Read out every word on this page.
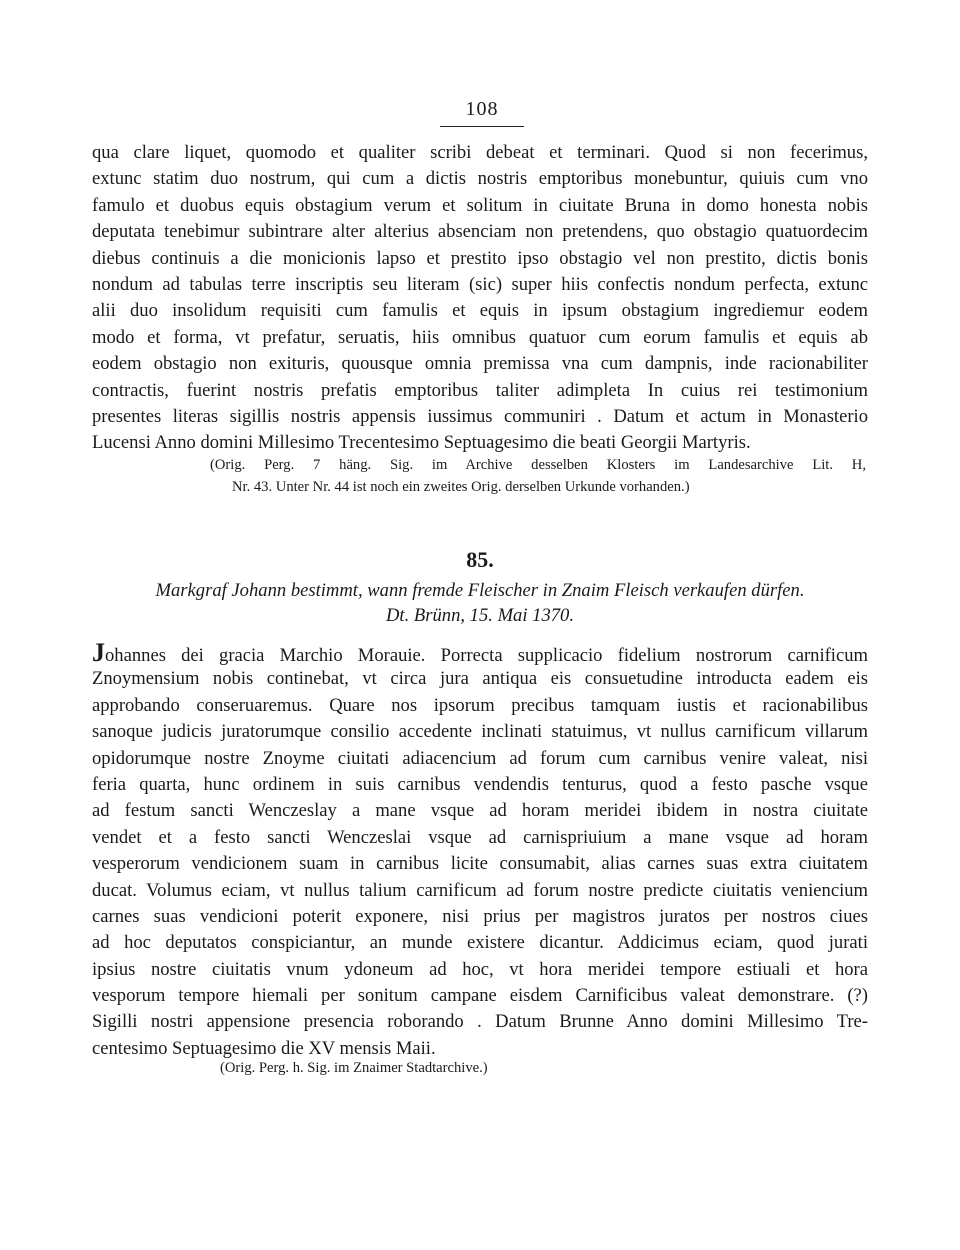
108
qua clare liquet, quomodo et qualiter scribi debeat et terminari. Quod si non fecerimus,
extunc statim duo nostrum, qui cum a dictis nostris emptoribus monebuntur, quiuis cum vno
famulo et duobus equis obstagium verum et solitum in ciuitate Bruna in domo honesta nobis
deputata tenebimur subintrare alter alterius absenciam non pretendens, quo obstagio quatuordecim
diebus continuis a die monicionis lapso et prestito ipso obstagio vel non prestito, dictis bonis
nondum ad tabulas terre inscriptis seu literam (sic) super hiis confectis nondum perfecta, extunc
alii duo insolidum requisiti cum famulis et equis in ipsum obstagium ingrediemur eodem
modo et forma, vt prefatur, seruatis, hiis omnibus quatuor cum eorum famulis et equis ab
eodem obstagio non exituris, quousque omnia premissa vna cum dampnis, inde racionabiliter
contractis, fuerint nostris prefatis emptoribus taliter adimpleta In cuius rei testimonium
presentes literas sigillis nostris appensis iussimus communiri . Datum et actum in Monasterio
Lucensi Anno domini Millesimo Trecentesimo Septuagesimo die beati Georgii Martyris.
(Orig. Perg. 7 häng. Sig. im Archive desselben Klosters im Landesarchive Lit. H,
Nr. 43. Unter Nr. 44 ist noch ein zweites Orig. derselben Urkunde vorhanden.)
85.
Markgraf Johann bestimmt, wann fremde Fleischer in Znaim Fleisch verkaufen dürfen.
Dt. Brünn, 15. Mai 1370.
Johannes dei gracia Marchio Morauie. Porrecta supplicacio fidelium nostrorum carnificum
Znoymensium nobis continebat, vt circa jura antiqua eis consuetudine introducta eadem eis
approbando conseruaremus. Quare nos ipsorum precibus tamquam iustis et racionabilibus
sanoque judicis juratorumque consilio accedente inclinati statuimus, vt nullus carnificum villarum
opidorumque nostre Znoyme ciuitati adiacencium ad forum cum carnibus venire valeat, nisi
feria quarta, hunc ordinem in suis carnibus vendendis tenturus, quod a festo pasche vsque
ad festum sancti Wenczeslay a mane vsque ad horam meridei ibidem in nostra ciuitate
vendet et a festo sancti Wenczeslai vsque ad carnispriuium a mane vsque ad horam
vesperorum vendicionem suam in carnibus licite consumabit, alias carnes suas extra ciuitatem
ducat. Volumus eciam, vt nullus talium carnificum ad forum nostre predicte ciuitatis veniencium
carnes suas vendicioni poterit exponere, nisi prius per magistros juratos per nostros ciues
ad hoc deputatos conspiciantur, an munde existere dicantur. Addicimus eciam, quod jurati
ipsius nostre ciuitatis vnum ydoneum ad hoc, vt hora meridei tempore estiuali et hora
vesporum tempore hiemali per sonitum campane eisdem Carnificibus valeat demonstrare. (?)
Sigilli nostri appensione presencia roborando . Datum Brunne Anno domini Millesimo Tre-
centesimo Septuagesimo die XV mensis Maii.
(Orig. Perg. h. Sig. im Znaimer Stadtarchive.)
